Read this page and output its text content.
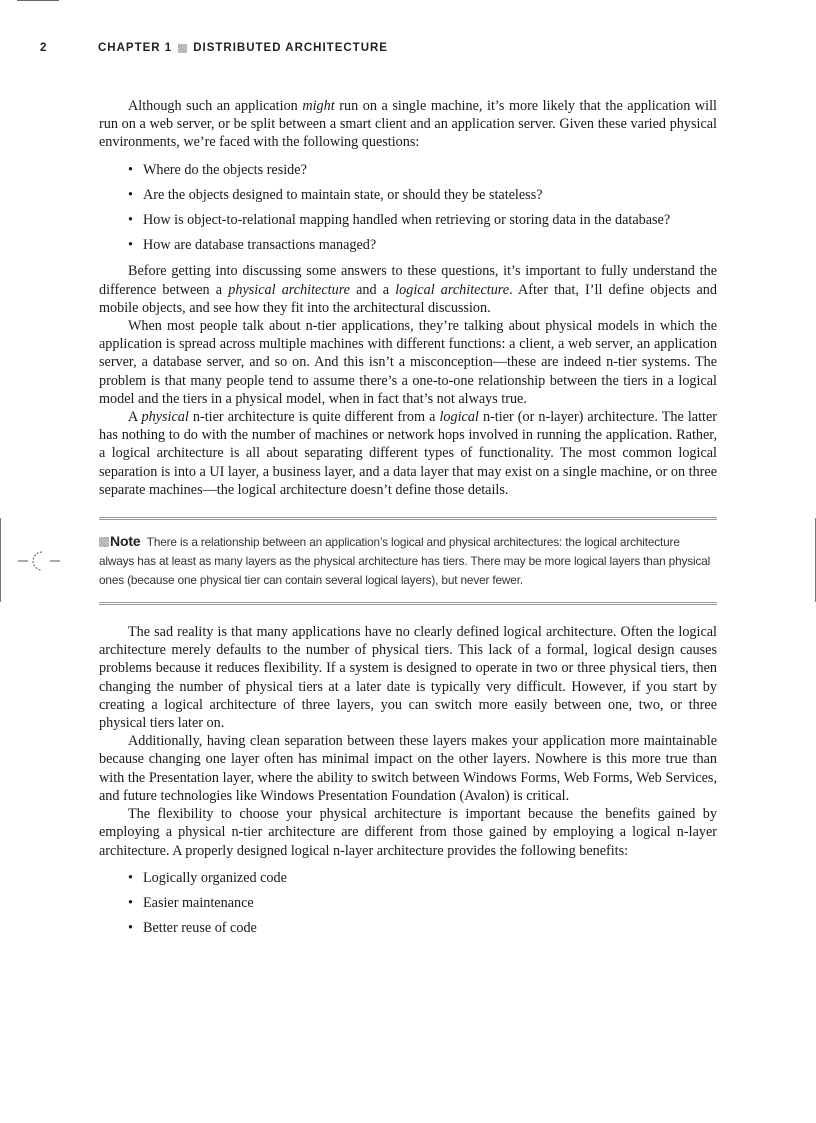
2	CHAPTER 1 DISTRIBUTED ARCHITECTURE

Although such an application might run on a single machine, it’s more likely that the application will run on a web server, or be split between a smart client and an application server. Given these varied physical environments, we’re faced with the following questions:

• Where do the objects reside?
• Are the objects designed to maintain state, or should they be stateless?
• How is object-to-relational mapping handled when retrieving or storing data in the database?
• How are database transactions managed?

Before getting into discussing some answers to these questions, it’s important to fully understand the difference between a physical architecture and a logical architecture. After that, I’ll define objects and mobile objects, and see how they fit into the architectural discussion.

When most people talk about n-tier applications, they’re talking about physical models in which the application is spread across multiple machines with different functions: a client, a web server, an application server, a database server, and so on. And this isn’t a misconception—these are indeed n-tier systems. The problem is that many people tend to assume there’s a one-to-one relationship between the tiers in a logical model and the tiers in a physical model, when in fact that’s not always true.

A physical n-tier architecture is quite different from a logical n-tier (or n-layer) architecture. The latter has nothing to do with the number of machines or network hops involved in running the application. Rather, a logical architecture is all about separating different types of functionality. The most common logical separation is into a UI layer, a business layer, and a data layer that may exist on a single machine, or on three separate machines—the logical architecture doesn’t define those details.

Note There is a relationship between an application’s logical and physical architectures: the logical architecture always has at least as many layers as the physical architecture has tiers. There may be more logical layers than physical ones (because one physical tier can contain several logical layers), but never fewer.

The sad reality is that many applications have no clearly defined logical architecture. Often the logical architecture merely defaults to the number of physical tiers. This lack of a formal, logical design causes problems because it reduces flexibility. If a system is designed to operate in two or three physical tiers, then changing the number of physical tiers at a later date is typically very difficult. However, if you start by creating a logical architecture of three layers, you can switch more easily between one, two, or three physical tiers later on.

Additionally, having clean separation between these layers makes your application more maintainable because changing one layer often has minimal impact on the other layers. Nowhere is this more true than with the Presentation layer, where the ability to switch between Windows Forms, Web Forms, Web Services, and future technologies like Windows Presentation Foundation (Avalon) is critical.

The flexibility to choose your physical architecture is important because the benefits gained by employing a physical n-tier architecture are different from those gained by employing a logical n-layer architecture. A properly designed logical n-layer architecture provides the following benefits:

• Logically organized code
• Easier maintenance
• Better reuse of code
